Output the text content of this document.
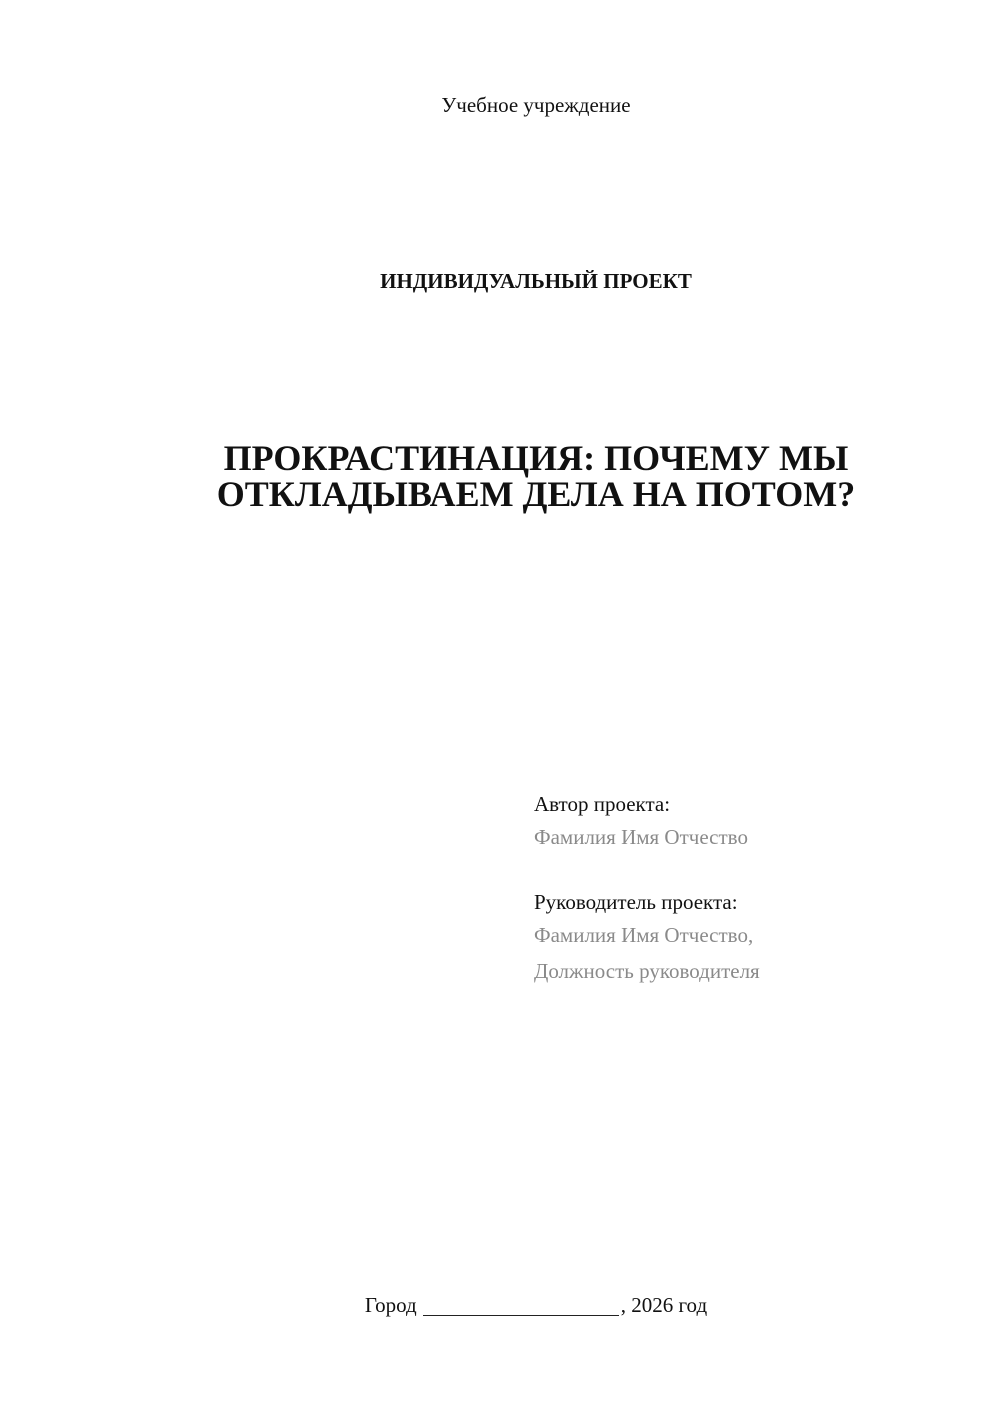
Учебное учреждение
ИНДИВИДУАЛЬНЫЙ ПРОЕКТ
ПРОКРАСТИНАЦИЯ: ПОЧЕМУ МЫ
ОТКЛАДЫВАЕМ ДЕЛА НА ПОТОМ?
Автор проекта:
Фамилия Имя Отчество
Руководитель проекта:
Фамилия Имя Отчество,
Должность руководителя
Город	, 2026 год
